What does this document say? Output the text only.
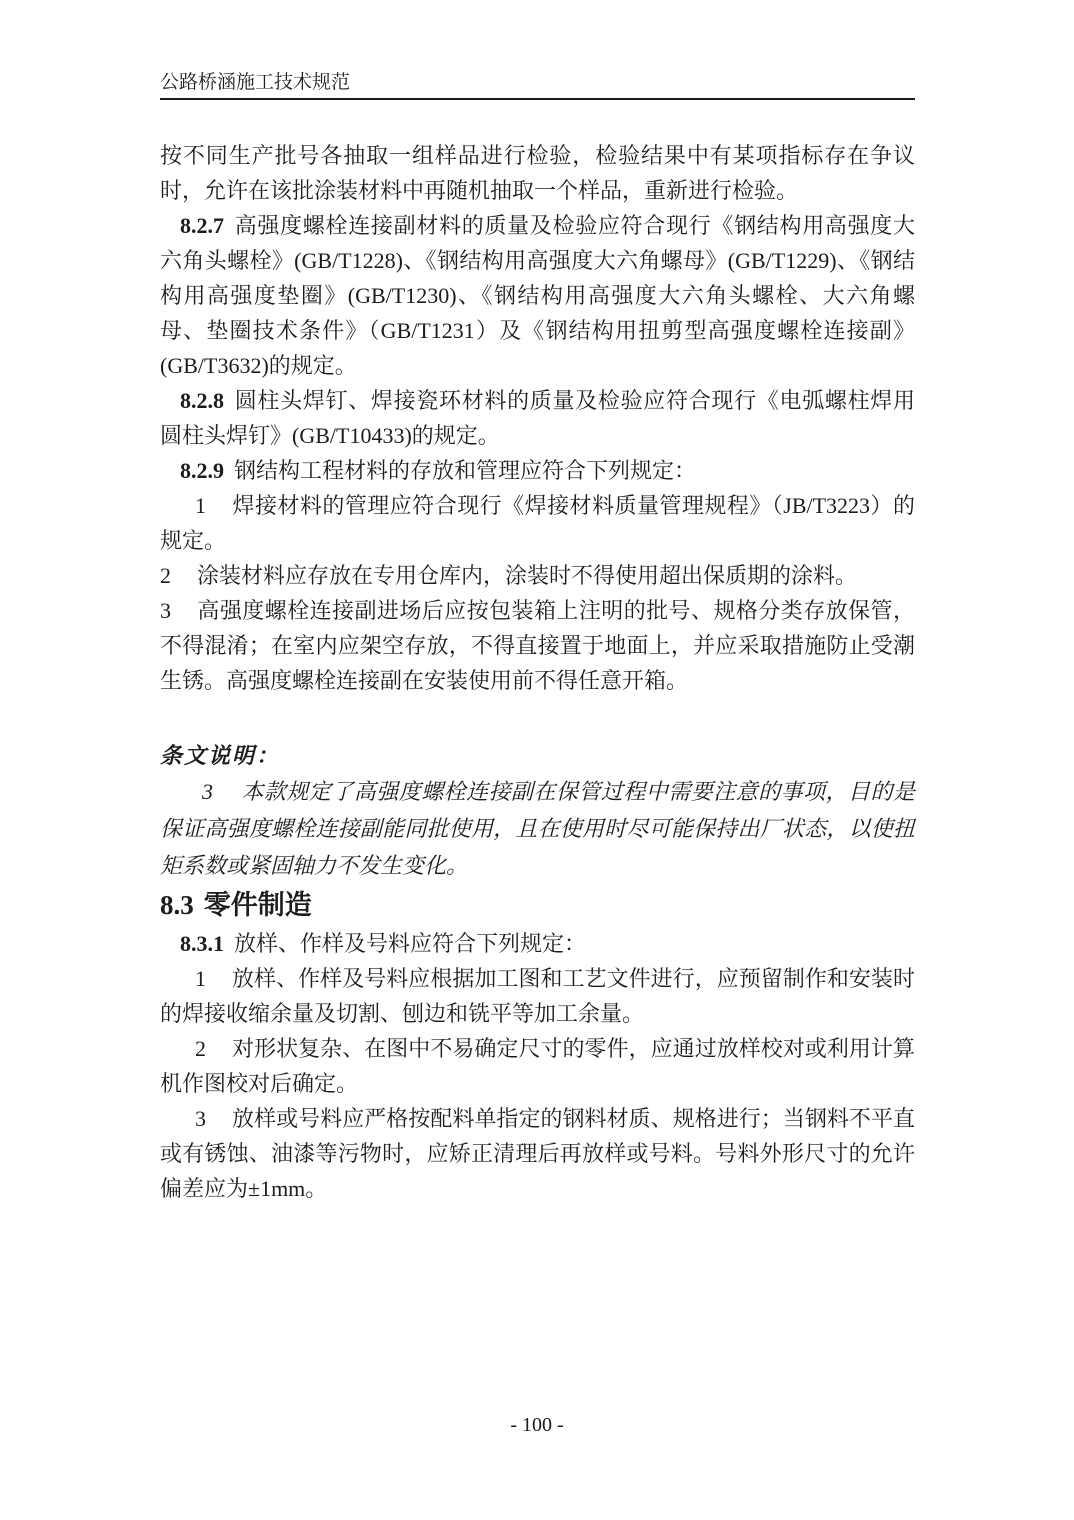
公路桥涵施工技术规范

按不同生产批号各抽取一组样品进行检验，检验结果中有某项指标存在争议时，允许在该批涂装材料中再随机抽取一个样品，重新进行检验。

8.2.7 高强度螺栓连接副材料的质量及检验应符合现行《钢结构用高强度大六角头螺栓》(GB/T1228)、《钢结构用高强度大六角螺母》(GB/T1229)、《钢结构用高强度垫圈》(GB/T1230)、《钢结构用高强度大六角头螺栓、大六角螺母、垫圈技术条件》（GB/T1231）及《钢结构用扭剪型高强度螺栓连接副》(GB/T3632)的规定。

8.2.8 圆柱头焊钉、焊接瓷环材料的质量及检验应符合现行《电弧螺柱焊用圆柱头焊钉》(GB/T10433)的规定。

8.2.9 钢结构工程材料的存放和管理应符合下列规定：

1 焊接材料的管理应符合现行《焊接材料质量管理规程》（JB/T3223）的规定。

2 涂装材料应存放在专用仓库内，涂装时不得使用超出保质期的涂料。

3 高强度螺栓连接副进场后应按包装箱上注明的批号、规格分类存放保管，不得混淆；在室内应架空存放，不得直接置于地面上，并应采取措施防止受潮生锈。高强度螺栓连接副在安装使用前不得任意开箱。

条文说明：

3 本款规定了高强度螺栓连接副在保管过程中需要注意的事项，目的是保证高强度螺栓连接副能同批使用，且在使用时尽可能保持出厂状态，以使扭矩系数或紧固轴力不发生变化。

8.3 零件制造

8.3.1 放样、作样及号料应符合下列规定：

1 放样、作样及号料应根据加工图和工艺文件进行，应预留制作和安装时的焊接收缩余量及切割、刨边和铣平等加工余量。

2 对形状复杂、在图中不易确定尺寸的零件，应通过放样校对或利用计算机作图校对后确定。

3 放样或号料应严格按配料单指定的钢料材质、规格进行；当钢料不平直或有锈蚀、油漆等污物时，应矫正清理后再放样或号料。号料外形尺寸的允许偏差应为±1mm。

- 100 -
